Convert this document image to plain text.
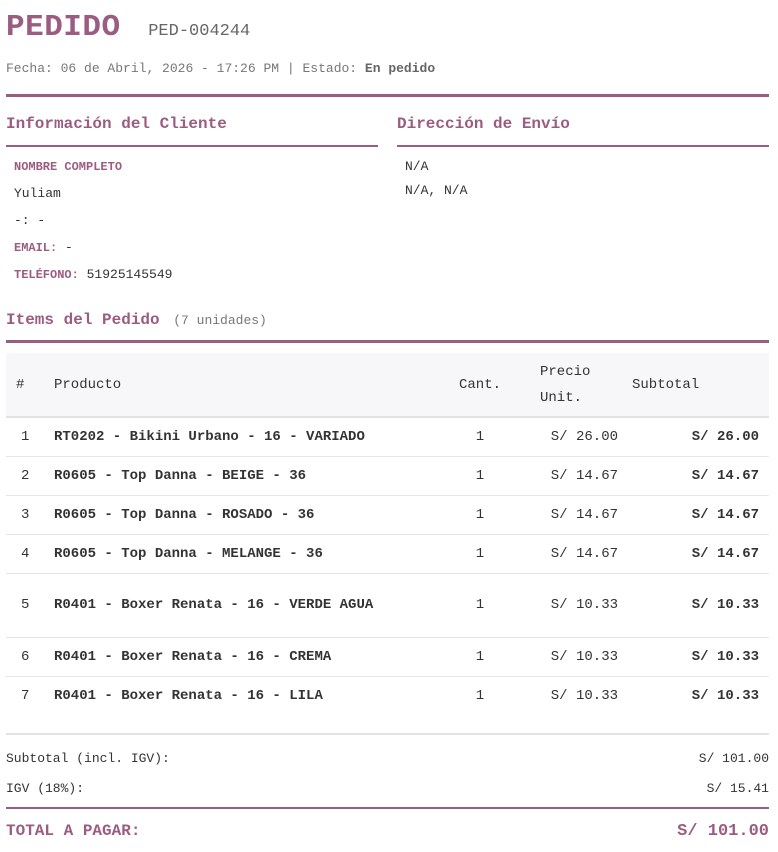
PEDIDO PED-004244
Fecha: 06 de Abril, 2026 - 17:26 PM | Estado: En pedido
Información del Cliente	Dirección de Envío
NOMBRE COMPLETO
Yuliam
-: -
EMAIL: -
TELÉFONO: 51925145549
N/A
N/A, N/A
Items del Pedido (7 unidades)
#	Producto	Cant.	Precio Unit.	Subtotal
1	RT0202 - Bikini Urbano - 16 - VARIADO	1	S/ 26.00	S/ 26.00
2	R0605 - Top Danna - BEIGE - 36	1	S/ 14.67	S/ 14.67
3	R0605 - Top Danna - ROSADO - 36	1	S/ 14.67	S/ 14.67
4	R0605 - Top Danna - MELANGE - 36	1	S/ 14.67	S/ 14.67
5	R0401 - Boxer Renata - 16 - VERDE AGUA	1	S/ 10.33	S/ 10.33
6	R0401 - Boxer Renata - 16 - CREMA	1	S/ 10.33	S/ 10.33
7	R0401 - Boxer Renata - 16 - LILA	1	S/ 10.33	S/ 10.33
Subtotal (incl. IGV):	S/ 101.00
IGV (18%):	S/ 15.41
TOTAL A PAGAR:	S/ 101.00
